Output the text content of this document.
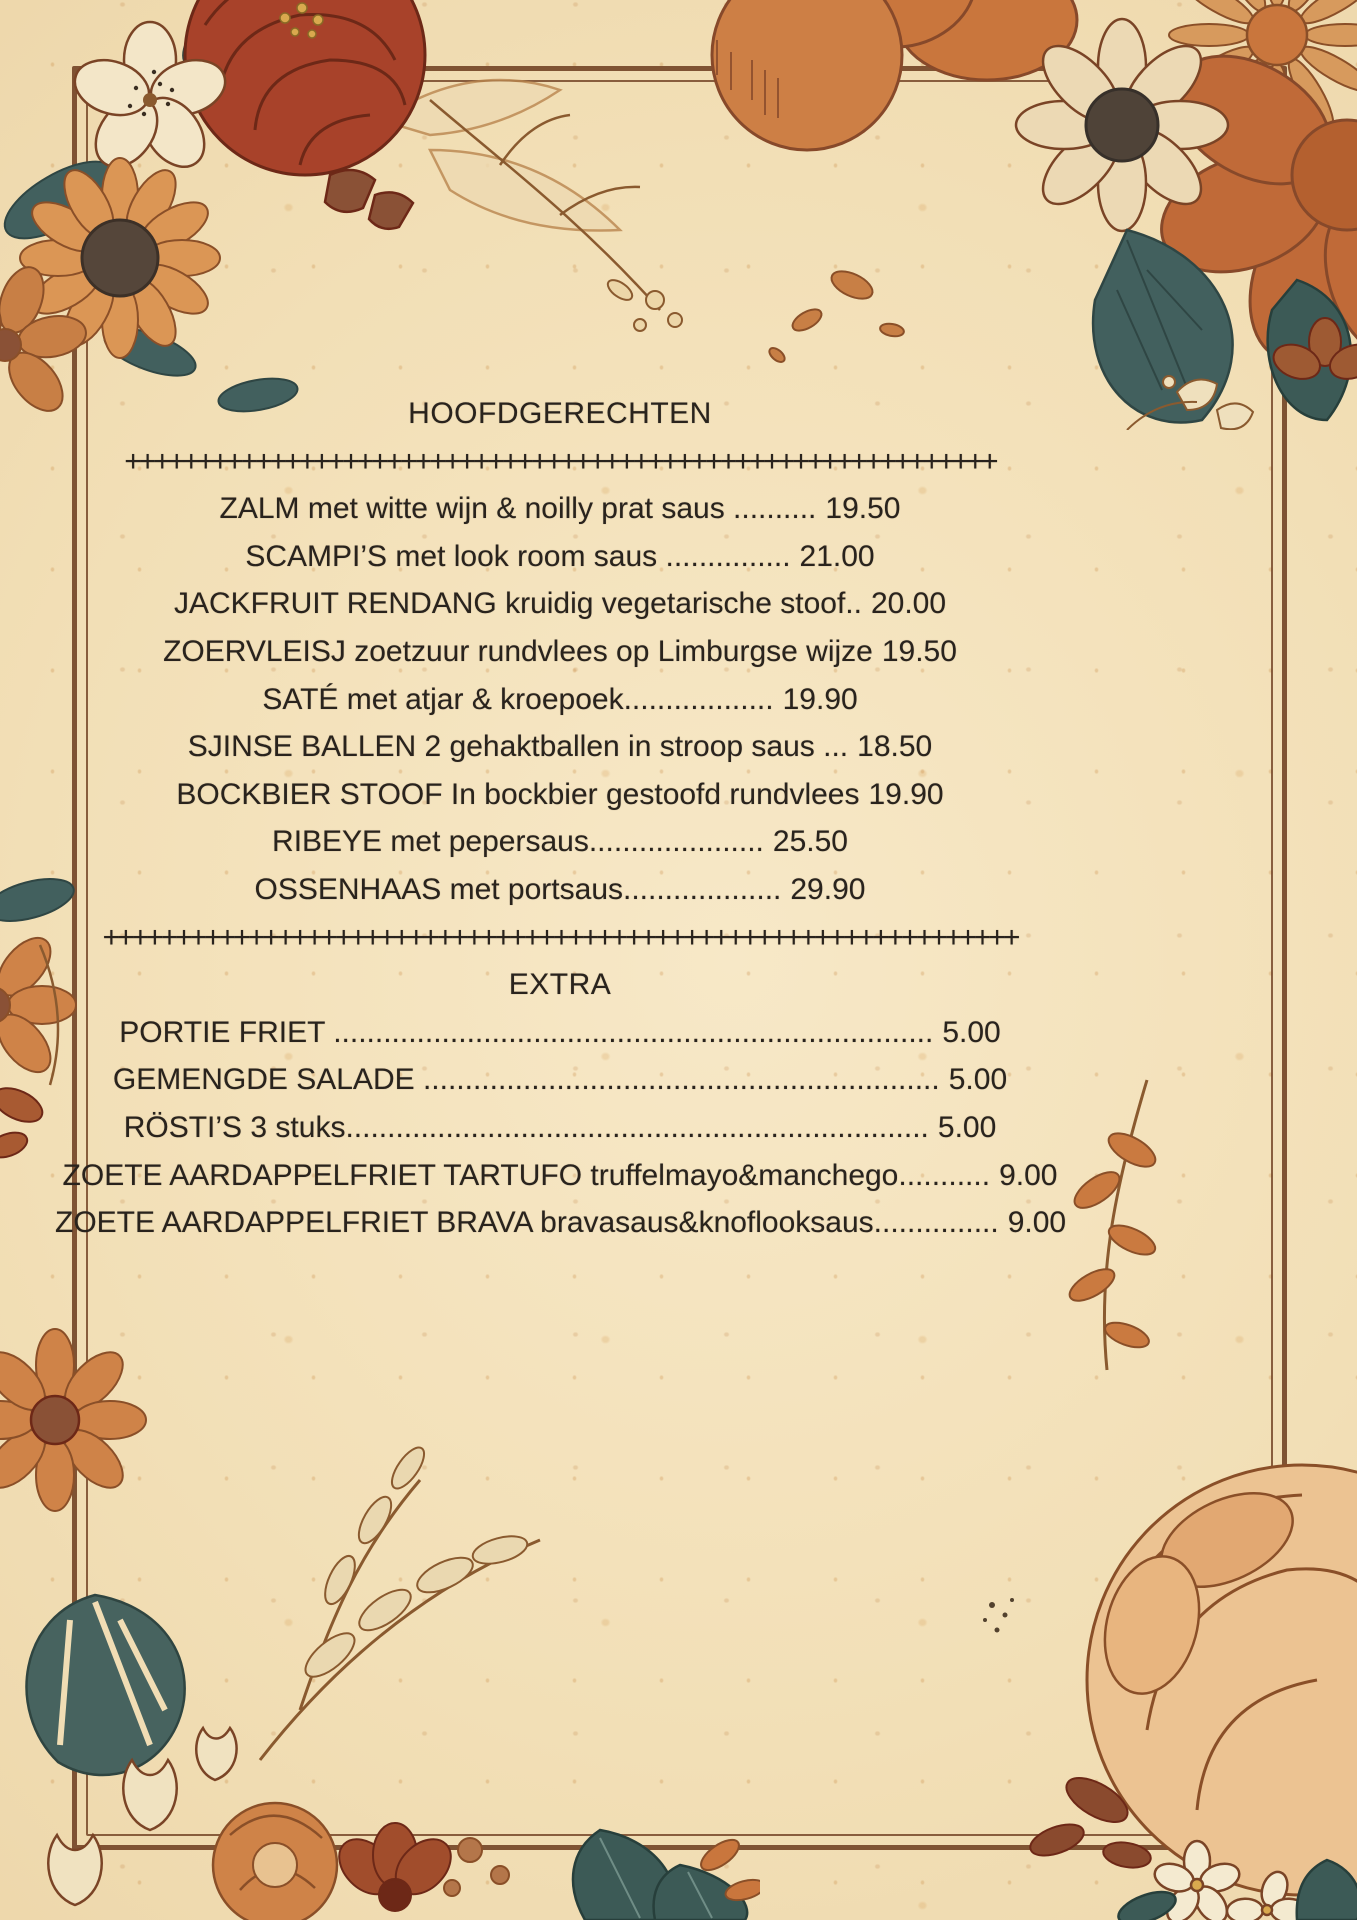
HOOFDGERECHTEN
++++++++++++++++++++++++++++++++++++++++++++++++++++++++++++
ZALM met witte wijn & noilly prat saus .......... 19.50
SCAMPI’S met look room saus ............... 21.00
JACKFRUIT RENDANG kruidig vegetarische stoof.. 20.00
ZOERVLEISJ zoetzuur rundvlees op Limburgse wijze 19.50
SATÉ met atjar & kroepoek.................. 19.90
SJINSE BALLEN 2 gehaktballen in stroop saus ... 18.50
BOCKBIER STOOF In bockbier gestoofd rundvlees 19.90
RIBEYE met pepersaus..................... 25.50
OSSENHAAS met portsaus................... 29.90
+++++++++++++++++++++++++++++++++++++++++++++++++++++++++++++++
EXTRA
PORTIE FRIET ........................................................................ 5.00
GEMENGDE SALADE .............................................................. 5.00
RÖSTI’S 3 stuks...................................................................... 5.00
ZOETE AARDAPPELFRIET TARTUFO truffelmayo&manchego........... 9.00
ZOETE AARDAPPELFRIET BRAVA bravasaus&knoflooksaus............... 9.00
